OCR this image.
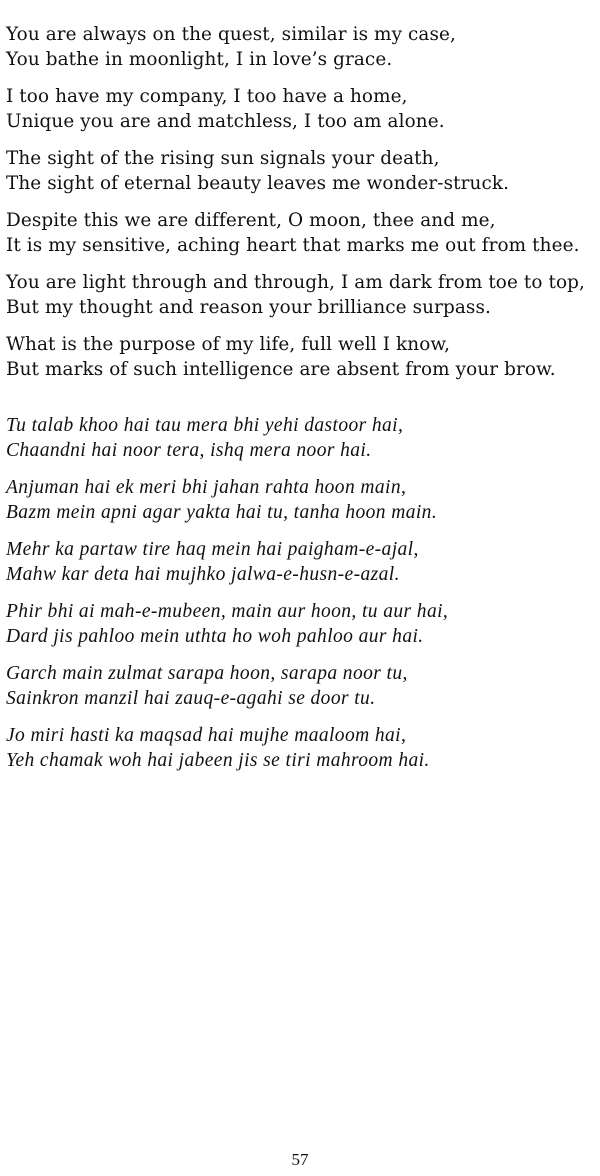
You are always on the quest, similar is my case,
You bathe in moonlight, I in love’s grace.
I too have my company, I too have a home,
Unique you are and matchless, I too am alone.
The sight of the rising sun signals your death,
The sight of eternal beauty leaves me wonder-struck.
Despite this we are different, O moon, thee and me,
It is my sensitive, aching heart that marks me out from thee.
You are light through and through, I am dark from toe to top,
But my thought and reason your brilliance surpass.
What is the purpose of my life, full well I know,
But marks of such intelligence are absent from your brow.
Tu talab khoo hai tau mera bhi yehi dastoor hai,
Chaandni hai noor tera, ishq mera noor hai.
Anjuman hai ek meri bhi jahan rahta hoon main,
Bazm mein apni agar yakta hai tu, tanha hoon main.
Mehr ka partaw tire haq mein hai paigham-e-ajal,
Mahw kar deta hai mujhko jalwa-e-husn-e-azal.
Phir bhi ai mah-e-mubeen, main aur hoon, tu aur hai,
Dard jis pahloo mein uthta ho woh pahloo aur hai.
Garch main zulmat sarapa hoon, sarapa noor tu,
Sainkron manzil hai zauq-e-agahi se door tu.
Jo miri hasti ka maqsad hai mujhe maaloom hai,
Yeh chamak woh hai jabeen jis se tiri mahroom hai.
57
